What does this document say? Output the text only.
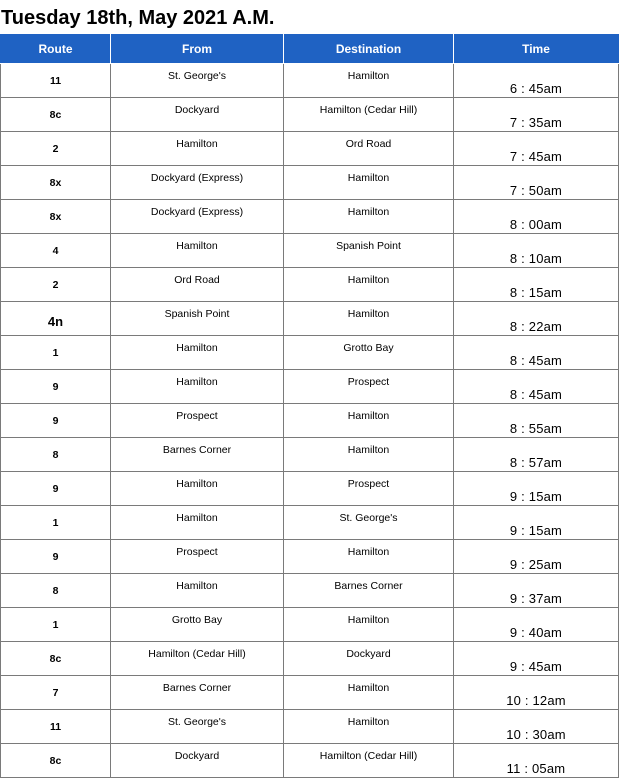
Tuesday 18th, May 2021 A.M.
Route	From	Destination	Time
11	St. George's	Hamilton	6 : 45am
8c	Dockyard	Hamilton (Cedar Hill)	7 : 35am
2	Hamilton	Ord Road	7 : 45am
8x	Dockyard (Express)	Hamilton	7 : 50am
8x	Dockyard (Express)	Hamilton	8 : 00am
4	Hamilton	Spanish Point	8 : 10am
2	Ord Road	Hamilton	8 : 15am
4n	Spanish Point	Hamilton	8 : 22am
1	Hamilton	Grotto Bay	8 : 45am
9	Hamilton	Prospect	8 : 45am
9	Prospect	Hamilton	8 : 55am
8	Barnes Corner	Hamilton	8 : 57am
9	Hamilton	Prospect	9 : 15am
1	Hamilton	St. George's	9 : 15am
9	Prospect	Hamilton	9 : 25am
8	Hamilton	Barnes Corner	9 : 37am
1	Grotto Bay	Hamilton	9 : 40am
8c	Hamilton (Cedar Hill)	Dockyard	9 : 45am
7	Barnes Corner	Hamilton	10 : 12am
11	St. George's	Hamilton	10 : 30am
8c	Dockyard	Hamilton (Cedar Hill)	11 : 05am
